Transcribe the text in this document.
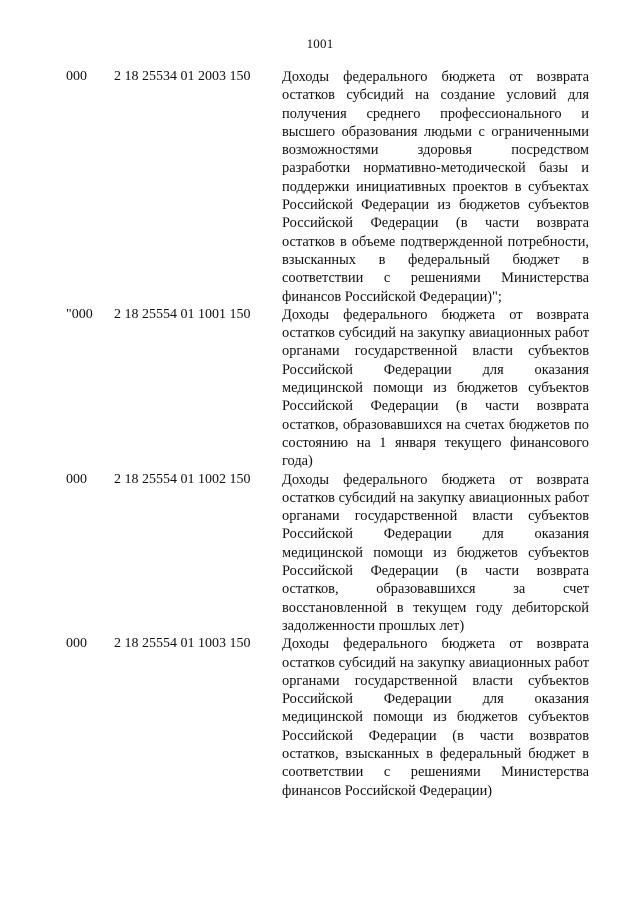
1001
000	2 18 25534 01 2003 150	Доходы федерального бюджета от возврата остатков субсидий на создание условий для получения среднего профессионального и высшего образования людьми с ограниченными возможностями здоровья посредством разработки нормативно-методической базы и поддержки инициативных проектов в субъектах Российской Федерации из бюджетов субъектов Российской Федерации (в части возврата остатков в объеме подтвержденной потребности, взысканных в федеральный бюджет в соответствии с решениями Министерства финансов Российской Федерации)";
"000	2 18 25554 01 1001 150	Доходы федерального бюджета от возврата остатков субсидий на закупку авиационных работ органами государственной власти субъектов Российской Федерации для оказания медицинской помощи из бюджетов субъектов Российской Федерации (в части возврата остатков, образовавшихся на счетах бюджетов по состоянию на 1 января текущего финансового года)
000	2 18 25554 01 1002 150	Доходы федерального бюджета от возврата остатков субсидий на закупку авиационных работ органами государственной власти субъектов Российской Федерации для оказания медицинской помощи из бюджетов субъектов Российской Федерации (в части возврата остатков, образовавшихся за счет восстановленной в текущем году дебиторской задолженности прошлых лет)
000	2 18 25554 01 1003 150	Доходы федерального бюджета от возврата остатков субсидий на закупку авиационных работ органами государственной власти субъектов Российской Федерации для оказания медицинской помощи из бюджетов субъектов Российской Федерации (в части возвратов остатков, взысканных в федеральный бюджет в соответствии с решениями Министерства финансов Российской Федерации)
